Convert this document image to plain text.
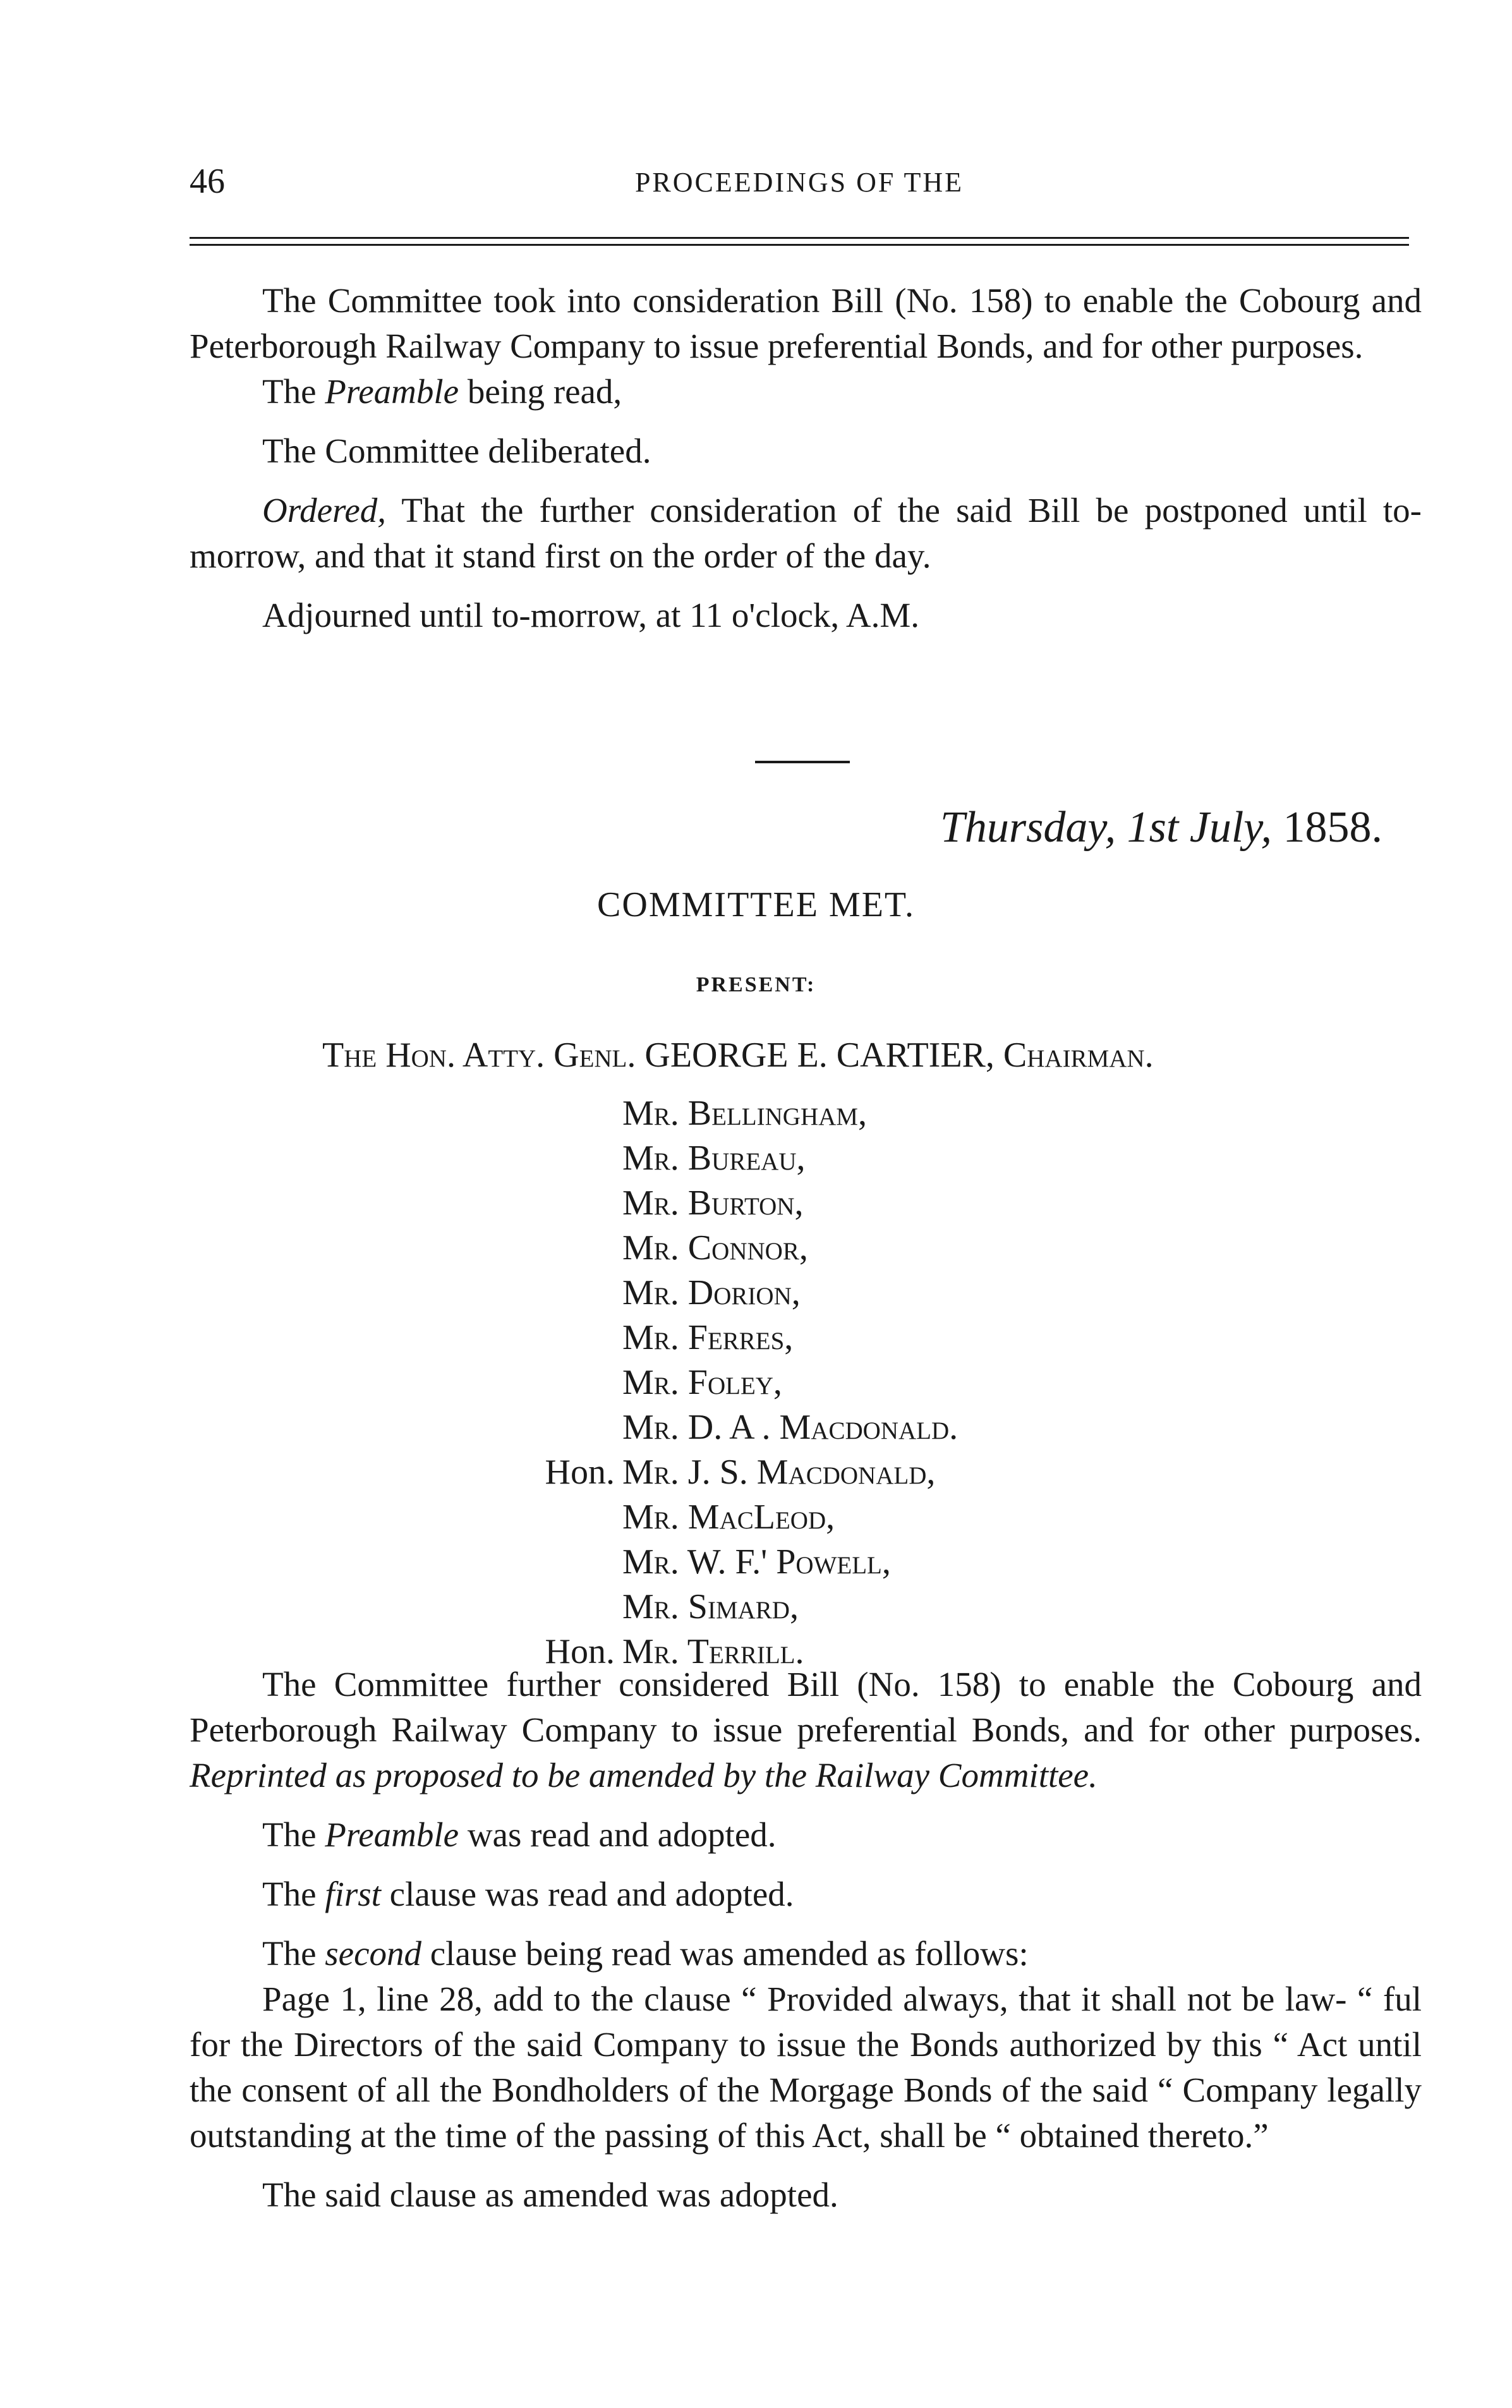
46	PROCEEDINGS OF THE

The Committee took into consideration Bill (No. 158) to enable the Cobourg and Peterborough Railway Company to issue preferential Bonds, and for other purposes.

The Preamble being read,

The Committee deliberated.

Ordered, That the further consideration of the said Bill be postponed until to-morrow, and that it stand first on the order of the day.

Adjourned until to-morrow, at 11 o'clock, A.M.

Thursday, 1st July, 1858.
COMMITTEE MET.
PRESENT:
The Hon. Atty. Genl. GEORGE E. CARTIER, Chairman.
Mr. Bellingham,
Mr. Bureau,
Mr. Burton,
Mr. Connor,
Mr. Dorion,
Mr. Ferres,
Mr. Foley,
Mr. D. A . Macdonald.
Hon. Mr. J. S. Macdonald,
Mr. MacLeod,
Mr. W. F.' Powell,
Mr. Simard,
Hon. Mr. Terrill.

The Committee further considered Bill (No. 158) to enable the Cobourg and Peterborough Railway Company to issue preferential Bonds, and for other purposes. Reprinted as proposed to be amended by the Railway Committee.

The Preamble was read and adopted.

The first clause was read and adopted.

The second clause being read was amended as follows:

Page 1, line 28, add to the clause “ Provided always, that it shall not be law- “ ful for the Directors of the said Company to issue the Bonds authorized by this “ Act until the consent of all the Bondholders of the Morgage Bonds of the said “ Company legally outstanding at the time of the passing of this Act, shall be “ obtained thereto.”

The said clause as amended was adopted.
